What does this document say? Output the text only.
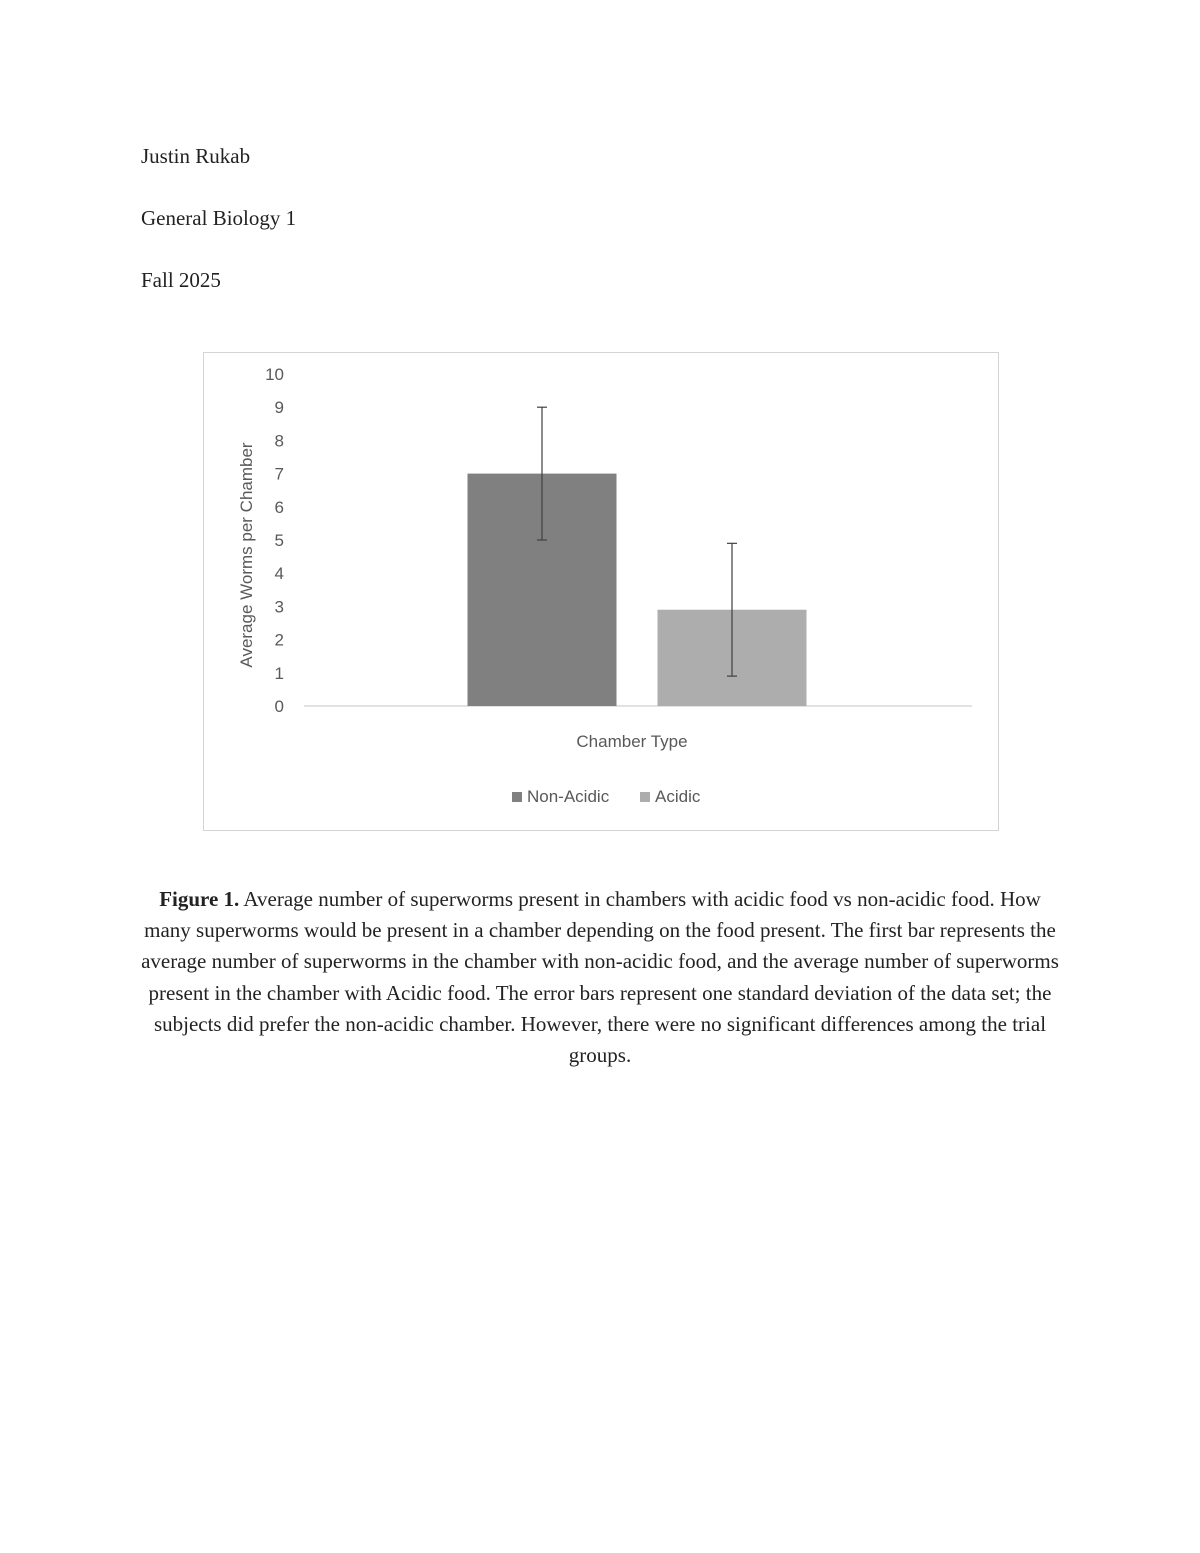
Justin Rukab
General Biology 1
Fall 2025
0
1
2
3
4
5
6
7
8
9
10
Average Worms per Chamber
Chamber Type
Non-Acidic	Acidic
Figure 1. Average number of superworms present in chambers with acidic food vs non-acidic food. How many superworms would be present in a chamber depending on the food present. The first bar represents the average number of superworms in the chamber with non-acidic food, and the average number of superworms present in the chamber with Acidic food. The error bars represent one standard deviation of the data set; the subjects did prefer the non-acidic chamber. However, there were no significant differences among the trial groups.
